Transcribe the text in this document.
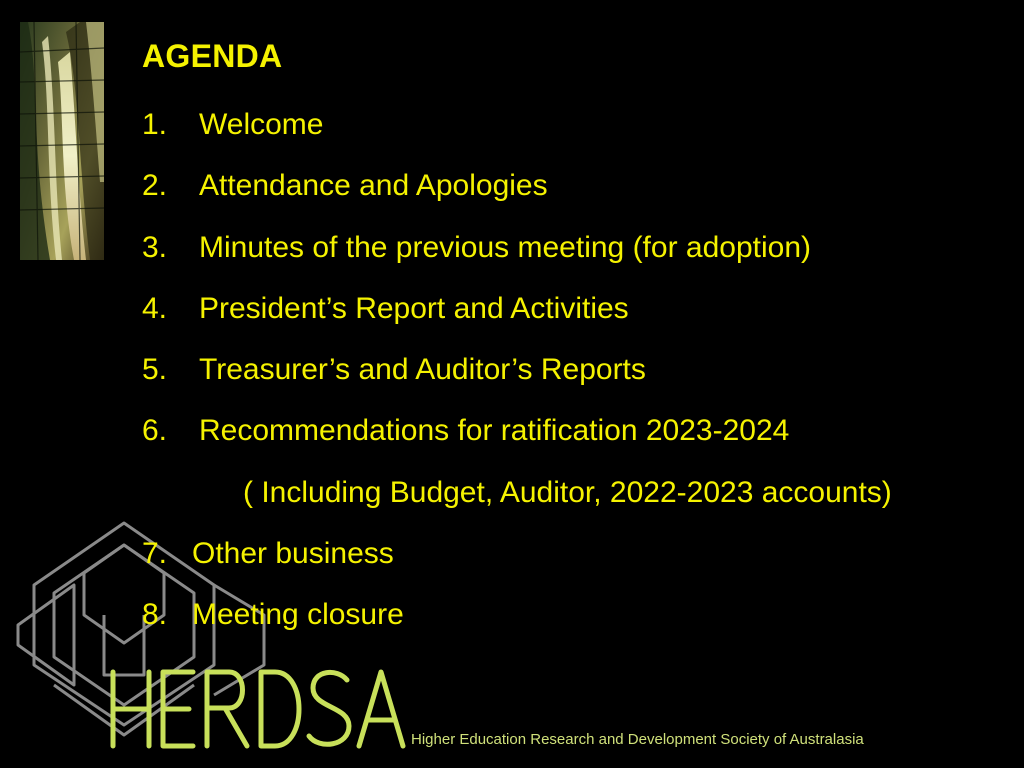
AGENDA
1. Welcome
2. Attendance and Apologies
3. Minutes of the previous meeting (for adoption)
4. President’s Report and Activities
5. Treasurer’s and Auditor’s Reports
6. Recommendations for ratification 2023-2024
( Including Budget, Auditor, 2022-2023 accounts)
7. Other business
8. Meeting closure
Higher Education Research and Development Society of Australasia
